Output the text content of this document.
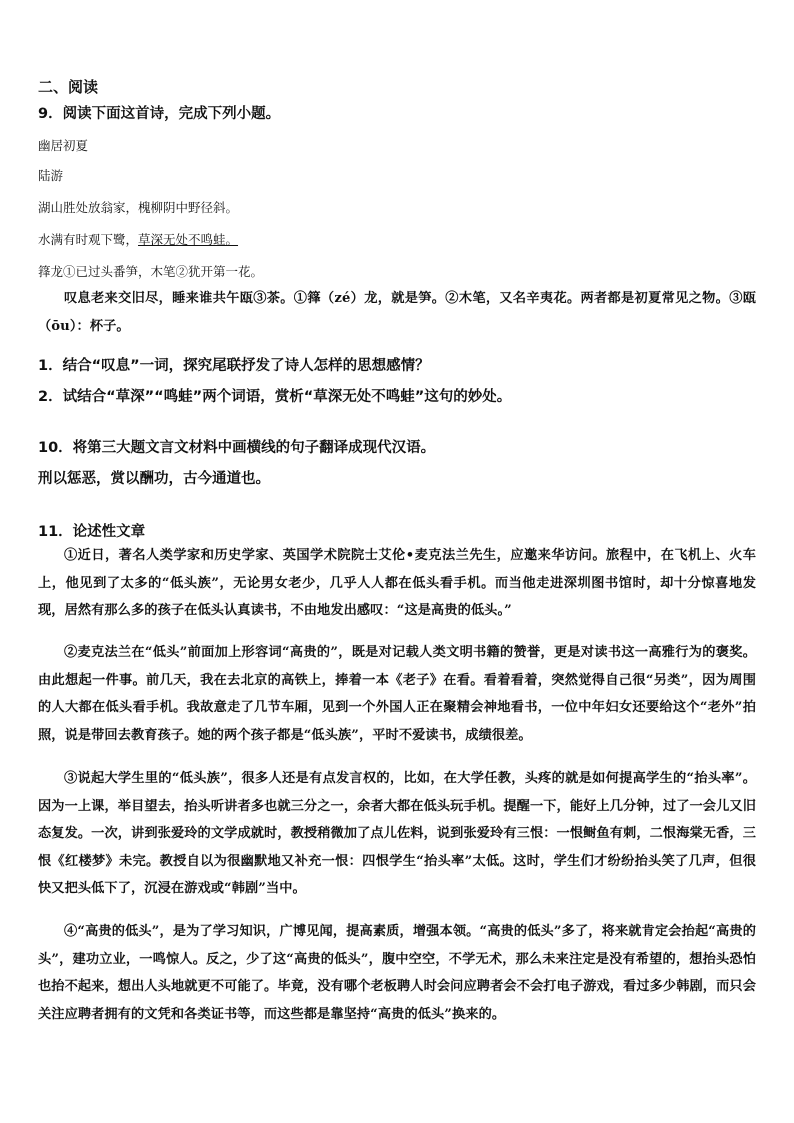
二、阅读

9．阅读下面这首诗，完成下列小题。

幽居初夏

陆游

湖山胜处放翁家，槐柳阴中野径斜。

水满有时观下鹭，草深无处不鸣蛙。

箨龙①已过头番笋，木笔②犹开第一花。

叹息老来交旧尽，睡来谁共午瓯③茶。①箨（zé）龙，就是笋。②木笔，又名辛夷花。两者都是初夏常见之物。③瓯（ōu）：杯子。

1．结合“叹息”一词，探究尾联抒发了诗人怎样的思想感情？

2．试结合“草深”“鸣蛙”两个词语，赏析“草深无处不鸣蛙”这句的妙处。

10．将第三大题文言文材料中画横线的句子翻译成现代汉语。

刑以惩恶，赏以酬功，古今通道也。

11．论述性文章

①近日，著名人类学家和历史学家、英国学术院院士艾伦•麦克法兰先生，应邀来华访问。旅程中，在飞机上、火车上，他见到了太多的“低头族”，无论男女老少，几乎人人都在低头看手机。而当他走进深圳图书馆时，却十分惊喜地发现，居然有那么多的孩子在低头认真读书，不由地发出感叹：“这是高贵的低头。”

②麦克法兰在“低头”前面加上形容词“高贵的”，既是对记载人类文明书籍的赞誉，更是对读书这一高雅行为的褒奖。由此想起一件事。前几天，我在去北京的高铁上，捧着一本《老子》在看。看着看着，突然觉得自己很“另类”，因为周围的人大都在低头看手机。我故意走了几节车厢，见到一个外国人正在聚精会神地看书，一位中年妇女还要给这个“老外”拍照，说是带回去教育孩子。她的两个孩子都是“低头族”，平时不爱读书，成绩很差。

③说起大学生里的“低头族”，很多人还是有点发言权的，比如，在大学任教，头疼的就是如何提高学生的“抬头率”。因为一上课，举目望去，抬头听讲者多也就三分之一，余者大都在低头玩手机。提醒一下，能好上几分钟，过了一会儿又旧态复发。一次，讲到张爱玲的文学成就时，教授稍微加了点儿佐料，说到张爱玲有三恨：一恨鲥鱼有刺，二恨海棠无香，三恨《红楼梦》未完。教授自以为很幽默地又补充一恨：四恨学生“抬头率”太低。这时，学生们才纷纷抬头笑了几声，但很快又把头低下了，沉浸在游戏或“韩剧”当中。

④“高贵的低头”，是为了学习知识，广博见闻，提高素质，增强本领。“高贵的低头”多了，将来就肯定会抬起“高贵的头”，建功立业，一鸣惊人。反之，少了这“高贵的低头”，腹中空空，不学无术，那么未来注定是没有希望的，想抬头恐怕也抬不起来，想出人头地就更不可能了。毕竟，没有哪个老板聘人时会问应聘者会不会打电子游戏，看过多少韩剧，而只会关注应聘者拥有的文凭和各类证书等，而这些都是靠坚持“高贵的低头”换来的。
